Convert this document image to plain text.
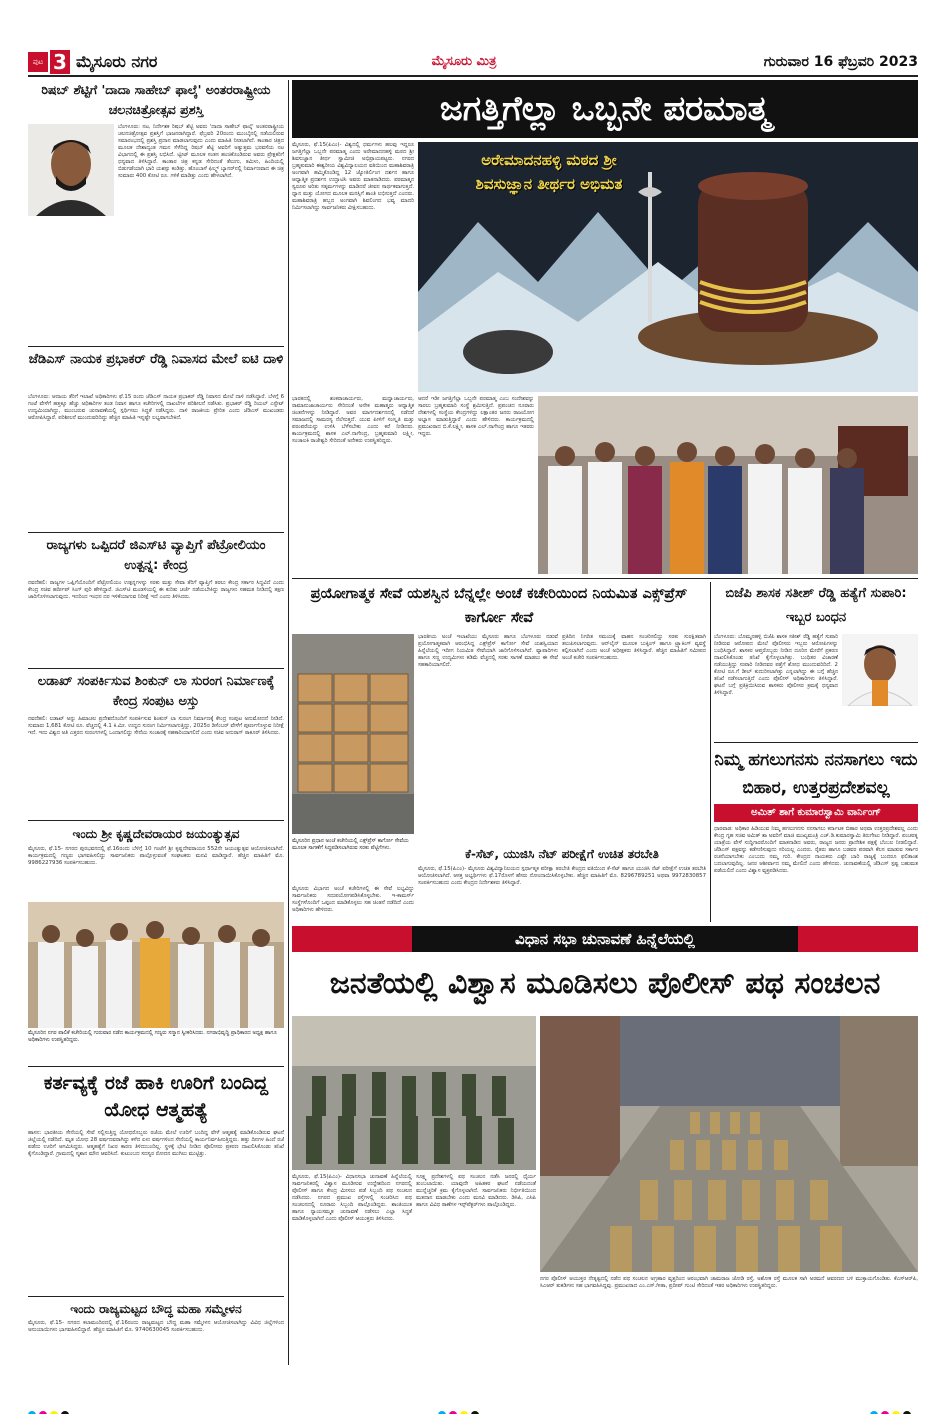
ಪುಟ 3 ಮೈಸೂರು ನಗರ	ಮೈಸೂರು ಮಿತ್ರ	ಗುರುವಾರ 16 ಫೆಬ್ರವರಿ 2023
ರಿಷಬ್ ಶೆಟ್ಟಿಗೆ 'ದಾದಾ ಸಾಹೇಬ್ ಫಾಲ್ಕೆ' ಅಂತರರಾಷ್ಟ್ರೀಯ ಚಲನಚಿತ್ರೋತ್ಸವ ಪ್ರಶಸ್ತಿ
ಬೆಂಗಳೂರು: ನಟ, ನಿರ್ದೇಶಕ ರಿಷಬ್ ಶೆಟ್ಟಿ ಅವರು 'ದಾದಾ ಸಾಹೇಬ್ ಫಾಲ್ಕೆ' ಅಂತರರಾಷ್ಟ್ರೀಯ ಚಲನಚಿತ್ರೋತ್ಸವ ಪ್ರಶಸ್ತಿಗೆ ಭಾಜನರಾಗಿದ್ದಾರೆ. ಫೆಬ್ರವರಿ 20ರಂದು ಮುಂಬೈನಲ್ಲಿ ನಡೆಯಲಿರುವ ಸಮಾರಂಭದಲ್ಲಿ ಪ್ರಶಸ್ತಿ ಪ್ರದಾನ ಮಾಡಲಾಗುವುದು ಎಂದು ಮಾಹಿತಿ ನೀಡಲಾಗಿದೆ. ಕಾಂತಾರ ಚಿತ್ರದ ಮೂಲಕ ದೇಶಾದ್ಯಂತ ಗಮನ ಸೆಳೆದಿದ್ದ ರಿಷಬ್ ಶೆಟ್ಟಿ ಅವರಿಗೆ ಅತ್ಯುತ್ತಮ ಭರವಸೆಯ ನಟ ವಿಭಾಗದಲ್ಲಿ ಈ ಪ್ರಶಸ್ತಿ ಲಭಿಸಿದೆ. ಟ್ವೀಟ್ ಮೂಲಕ ಸಂತಸ ಹಂಚಿಕೊಂಡಿರುವ ಅವರು ಪ್ರೇಕ್ಷಕರಿಗೆ ಧನ್ಯವಾದ ತಿಳಿಸಿದ್ದಾರೆ. ಕಾಂತಾರ ಚಿತ್ರ ಕನ್ನಡ ಸೇರಿದಂತೆ ತೆಲುಗು, ತಮಿಳು, ಹಿಂದಿಯಲ್ಲಿ ಬಿಡುಗಡೆಯಾಗಿ ಭಾರಿ ಯಶಸ್ಸು ಕಂಡಿತ್ತು. ಹೊಂಬಾಳೆ ಫಿಲ್ಮ್ಸ್ ಬ್ಯಾನರ್‌ನಲ್ಲಿ ನಿರ್ಮಾಣವಾದ ಈ ಚಿತ್ರ ಸುಮಾರು 400 ಕೋಟಿ ರೂ. ಗಳಿಕೆ ಮಾಡಿತ್ತು ಎಂದು ಹೇಳಲಾಗಿದೆ.
ಜೆಡಿಎಸ್ ನಾಯಕ ಪ್ರಭಾಕರ್ ರೆಡ್ಡಿ ನಿವಾಸದ ಮೇಲೆ ಐಟಿ ದಾಳಿ
ಬೆಂಗಳೂರು: ಆದಾಯ ತೆರಿಗೆ ಇಲಾಖೆ ಅಧಿಕಾರಿಗಳು ಫೆ.15 ರಂದು ಜೆಡಿಎಸ್ ನಾಯಕ ಪ್ರಭಾಕರ್ ರೆಡ್ಡಿ ನಿವಾಸದ ಮೇಲೆ ದಾಳಿ ನಡೆಸಿದ್ದಾರೆ. ಬೆಳಗ್ಗೆ 6 ಗಂಟೆ ವೇಳೆಗೆ ಹತ್ತಕ್ಕೂ ಹೆಚ್ಚು ಅಧಿಕಾರಿಗಳ ತಂಡ ನಿವಾಸ ಹಾಗೂ ಕಚೇರಿಗಳಲ್ಲಿ ದಾಖಲೆಗಳ ಪರಿಶೀಲನೆ ನಡೆಸಿತು. ಪ್ರಭಾಕರ್ ರೆಡ್ಡಿ ರಿಯಲ್ ಎಸ್ಟೇಟ್ ಉದ್ಯಮಿಯಾಗಿದ್ದು, ಮುಂಬರುವ ಚುನಾವಣೆಯಲ್ಲಿ ಸ್ಪರ್ಧಿಸಲು ಸಿದ್ಧತೆ ನಡೆಸಿದ್ದರು. ದಾಳಿ ರಾಜಕೀಯ ಪ್ರೇರಿತ ಎಂದು ಜೆಡಿಎಸ್ ಮುಖಂಡರು ಆರೋಪಿಸಿದ್ದಾರೆ. ಪರಿಶೀಲನೆ ಮುಂದುವರಿದಿದ್ದು ಹೆಚ್ಚಿನ ಮಾಹಿತಿ ಇನ್ನಷ್ಟೇ ಲಭ್ಯವಾಗಬೇಕಿದೆ.
ರಾಜ್ಯಗಳು ಒಪ್ಪಿದರೆ ಜಿಎಸ್‌ಟಿ ವ್ಯಾಪ್ತಿಗೆ ಪೆಟ್ರೋಲಿಯಂ ಉತ್ಪನ್ನ: ಕೇಂದ್ರ
ನವದೆಹಲಿ: ರಾಜ್ಯಗಳ ಒಪ್ಪಿಗೆಯೊಂದಿಗೆ ಪೆಟ್ರೋಲಿಯಂ ಉತ್ಪನ್ನಗಳನ್ನು ಸರಕು ಮತ್ತು ಸೇವಾ ತೆರಿಗೆ ವ್ಯಾಪ್ತಿಗೆ ತರಲು ಕೇಂದ್ರ ಸರ್ಕಾರ ಸಿದ್ಧವಿದೆ ಎಂದು ಕೇಂದ್ರ ಸಚಿವ ಹರ್ದೀಪ್ ಸಿಂಗ್ ಪುರಿ ಹೇಳಿದ್ದಾರೆ. ಜಿಎಸ್‌ಟಿ ಮಂಡಳಿಯಲ್ಲಿ ಈ ಕುರಿತು ಚರ್ಚೆ ನಡೆಯಬೇಕಿದ್ದು ರಾಜ್ಯಗಳು ಸಹಮತ ನೀಡಿದಲ್ಲಿ ತಕ್ಷಣ ಜಾರಿಗೊಳಿಸಲಾಗುವುದು. ಇದರಿಂದ ಇಂಧನ ದರ ಇಳಿಕೆಯಾಗುವ ನಿರೀಕ್ಷೆ ಇದೆ ಎಂದು ತಿಳಿಸಿದರು.
ಲಡಾಖ್ ಸಂಪರ್ಕಿಸುವ ಶಿಂಕುನ್ ಲಾ ಸುರಂಗ ನಿರ್ಮಾಣಕ್ಕೆ ಕೇಂದ್ರ ಸಂಪುಟ ಅಸ್ತು
ನವದೆಹಲಿ: ಲಡಾಖ್ ಅನ್ನು ಹಿಮಾಚಲ ಪ್ರದೇಶದೊಂದಿಗೆ ಸಂಪರ್ಕಿಸುವ ಶಿಂಕುನ್ ಲಾ ಸುರಂಗ ನಿರ್ಮಾಣಕ್ಕೆ ಕೇಂದ್ರ ಸಂಪುಟ ಅನುಮೋದನೆ ನೀಡಿದೆ. ಸುಮಾರು 1,681 ಕೋಟಿ ರೂ. ವೆಚ್ಚದಲ್ಲಿ 4.1 ಕಿ.ಮೀ. ಉದ್ದದ ಸುರಂಗ ನಿರ್ಮಿಸಲಾಗುತ್ತಿದ್ದು, 2025ರ ಡಿಸೆಂಬರ್ ವೇಳೆಗೆ ಪೂರ್ಣಗೊಳ್ಳುವ ನಿರೀಕ್ಷೆ ಇದೆ. ಇದು ವಿಶ್ವದ ಅತಿ ಎತ್ತರದ ಸುರಂಗಗಳಲ್ಲಿ ಒಂದಾಗಲಿದ್ದು ಸೇನೆಯ ಸಂಚಾರಕ್ಕೆ ಸಹಕಾರಿಯಾಗಲಿದೆ ಎಂದು ಸಚಿವ ಅನುರಾಗ್ ಠಾಕೂರ್ ತಿಳಿಸಿದರು.
ಇಂದು ಶ್ರೀ ಕೃಷ್ಣದೇವರಾಯರ ಜಯಂತ್ಯುತ್ಸವ
ಮೈಸೂರು, ಫೆ.15- ನಗರದ ಪುರಭವನದಲ್ಲಿ ಫೆ.16ರಂದು ಬೆಳಿಗ್ಗೆ 10 ಗಂಟೆಗೆ ಶ್ರೀ ಕೃಷ್ಣದೇವರಾಯರ 552ನೇ ಜಯಂತ್ಯುತ್ಸವ ಆಯೋಜಿಸಲಾಗಿದೆ. ಕಾರ್ಯಕ್ರಮದಲ್ಲಿ ಗಣ್ಯರು ಭಾಗವಹಿಸಲಿದ್ದು ಸಾರ್ವಜನಿಕರು ಪಾಲ್ಗೊಳ್ಳುವಂತೆ ಸಂಘಟಕರು ಮನವಿ ಮಾಡಿದ್ದಾರೆ. ಹೆಚ್ಚಿನ ಮಾಹಿತಿಗೆ ಮೊ. 9986227936 ಸಂಪರ್ಕಿಸಬಹುದು.
ಮೈಸೂರಿನ ನಗರ ಪಾಲಿಕೆ ಕಚೇರಿಯಲ್ಲಿ ಗುರುವಾರ ನಡೆದ ಕಾರ್ಯಕ್ರಮದಲ್ಲಿ ಗಣ್ಯರು ಸನ್ಮಾನ ಸ್ವೀಕರಿಸಿದರು. ನಗರಾಭಿವೃದ್ಧಿ ಪ್ರಾಧಿಕಾರದ ಅಧ್ಯಕ್ಷ ಹಾಗೂ ಅಧಿಕಾರಿಗಳು ಉಪಸ್ಥಿತರಿದ್ದರು.
ಕರ್ತವ್ಯಕ್ಕೆ ರಜೆ ಹಾಕಿ ಊರಿಗೆ ಬಂದಿದ್ದ ಯೋಧ ಆತ್ಮಹತ್ಯೆ
ಹಾಸನ: ಭಾರತೀಯ ಸೇನೆಯಲ್ಲಿ ಸೇವೆ ಸಲ್ಲಿಸುತ್ತಿದ್ದ ಯೋಧರೊಬ್ಬರು ರಜೆಯ ಮೇಲೆ ಊರಿಗೆ ಬಂದಿದ್ದ ವೇಳೆ ಆತ್ಮಹತ್ಯೆ ಮಾಡಿಕೊಂಡಿರುವ ಘಟನೆ ಜಿಲ್ಲೆಯಲ್ಲಿ ನಡೆದಿದೆ. ಮೃತ ಯೋಧ 28 ವರ್ಷದವರಾಗಿದ್ದು ಕಳೆದ ಏಳು ವರ್ಷಗಳಿಂದ ಸೇನೆಯಲ್ಲಿ ಕಾರ್ಯನಿರ್ವಹಿಸುತ್ತಿದ್ದರು. ಹತ್ತು ದಿನಗಳ ಹಿಂದೆ ರಜೆ ಪಡೆದು ಊರಿಗೆ ಆಗಮಿಸಿದ್ದರು. ಆತ್ಮಹತ್ಯೆಗೆ ನಿಖರ ಕಾರಣ ತಿಳಿದುಬಂದಿಲ್ಲ. ಸ್ಥಳಕ್ಕೆ ಭೇಟಿ ನೀಡಿದ ಪೊಲೀಸರು ಪ್ರಕರಣ ದಾಖಲಿಸಿಕೊಂಡು ತನಿಖೆ ಕೈಗೊಂಡಿದ್ದಾರೆ. ಗ್ರಾಮದಲ್ಲಿ ಸ್ಮಶಾನ ಮೌನ ಆವರಿಸಿದೆ. ಕುಟುಂಬದ ಸದಸ್ಯರ ರೋದನ ಮುಗಿಲು ಮುಟ್ಟಿತ್ತು.
ಇಂದು ರಾಜ್ಯಮಟ್ಟದ ಬೌದ್ಧ ಮಹಾ ಸಮ್ಮೇಳನ
ಮೈಸೂರು, ಫೆ.15- ನಗರದ ಕಲಾಮಂದಿರದಲ್ಲಿ ಫೆ.16ರಂದು ರಾಜ್ಯಮಟ್ಟದ ಬೌದ್ಧ ಮಹಾ ಸಮ್ಮೇಳನ ಆಯೋಜಿಸಲಾಗಿದ್ದು ವಿವಿಧ ಜಿಲ್ಲೆಗಳಿಂದ ಅನುಯಾಯಿಗಳು ಭಾಗವಹಿಸಲಿದ್ದಾರೆ. ಹೆಚ್ಚಿನ ಮಾಹಿತಿಗೆ ಮೊ. 9740630045 ಸಂಪರ್ಕಿಸಬಹುದು.
ಜಗತ್ತಿಗೆಲ್ಲಾ ಒಬ್ಬನೇ ಪರಮಾತ್ಮ
ಮೈಸೂರು, ಫೆ.15(ಪಿಎಂ)- ವಿಶ್ವದಲ್ಲಿ ಧರ್ಮಗಳು ಹಲವು ಇದ್ದರೂ ಜಗತ್ತಿಗೆಲ್ಲಾ ಒಬ್ಬನೇ ಪರಮಾತ್ಮ ಎಂದು ಅರೇಮಾದನಹಳ್ಳಿ ಮಠದ ಶ್ರೀ ಶಿವಸುಜ್ಞಾನ ತೀರ್ಥ ಸ್ವಾಮೀಜಿ ಅಭಿಪ್ರಾಯಪಟ್ಟರು. ನಗರದ ಬ್ರಹ್ಮಕುಮಾರಿ ಈಶ್ವರೀಯ ವಿಶ್ವವಿದ್ಯಾಲಯದ ವತಿಯಿಂದ ಮಹಾಶಿವರಾತ್ರಿ ಅಂಗವಾಗಿ ಹಮ್ಮಿಕೊಂಡಿದ್ದ 12 ಜ್ಯೋತಿರ್ಲಿಂಗ ದರ್ಶನ ಹಾಗೂ ಆಧ್ಯಾತ್ಮಿಕ ಪ್ರದರ್ಶನ ಉದ್ಘಾಟಿಸಿ ಅವರು ಮಾತನಾಡಿದರು. ಪರಮಾತ್ಮನ ಸ್ವರೂಪ ಅರಿತು ಸತ್ಕರ್ಮಗಳನ್ನು ಮಾಡಿದರೆ ಜೀವನ ಸಾರ್ಥಕವಾಗುತ್ತದೆ. ಧ್ಯಾನ ಮತ್ತು ಯೋಗದ ಮೂಲಕ ಮನಸ್ಸಿಗೆ ಶಾಂತಿ ಲಭಿಸುತ್ತದೆ ಎಂದರು. ಮಹಾಶಿವರಾತ್ರಿ ಹಬ್ಬದ ಅಂಗವಾಗಿ ಶಿವಲಿಂಗದ ಭವ್ಯ ಮಾದರಿ ನಿರ್ಮಿಸಲಾಗಿದ್ದು ಸಾರ್ವಜನಿಕರು ವೀಕ್ಷಿಸಬಹುದು.
ಅರೇಮಾದನಹಳ್ಳಿ ಮಠದ ಶ್ರೀ
ಶಿವಸುಜ್ಞಾನ ತೀರ್ಥರ ಅಭಿಮತ
ಭಾರತದಲ್ಲಿ ಶಂಕರಾಚಾರ್ಯರು, ಮಧ್ವಾಚಾರ್ಯರು, ರಾಮಾನುಜಾಚಾರ್ಯರು ಸೇರಿದಂತೆ ಅನೇಕ ಮಹಾತ್ಮರು ಆಧ್ಯಾತ್ಮಿಕ ಚಿಂತನೆಗಳನ್ನು ನೀಡಿದ್ದಾರೆ. ಅವರ ಮಾರ್ಗದರ್ಶನದಲ್ಲಿ ನಡೆದರೆ ಸಮಾಜದಲ್ಲಿ ಸಾಮರಸ್ಯ ನೆಲೆಸುತ್ತದೆ. ಯುವ ಪೀಳಿಗೆ ಸಂಸ್ಕೃತಿ ಮತ್ತು ಪರಂಪರೆಯನ್ನು ಉಳಿಸಿ ಬೆಳೆಸಬೇಕು ಎಂದು ಕರೆ ನೀಡಿದರು. ಕಾರ್ಯಕ್ರಮದಲ್ಲಿ ಶಾಸಕ ಎಲ್.ನಾಗೇಂದ್ರ, ಬ್ರಹ್ಮಕುಮಾರಿ ಲಕ್ಷ್ಮೀ, ಸಂಚಾಲಕಿ ರಾಜೇಶ್ವರಿ ಸೇರಿದಂತೆ ಅನೇಕರು ಉಪಸ್ಥಿತರಿದ್ದರು.
ಆದರೆ ಇಡೀ ಜಗತ್ತಿಗೆಲ್ಲಾ ಒಬ್ಬನೇ ಪರಮಾತ್ಮ ಎಂಬ ಸಂದೇಶವನ್ನು ಸಾರಲು ಬ್ರಹ್ಮಕುಮಾರಿ ಸಂಸ್ಥೆ ಶ್ರಮಿಸುತ್ತಿದೆ. ಪ್ರಪಂಚದ ನೂರಾರು ದೇಶಗಳಲ್ಲಿ ಸಂಸ್ಥೆಯ ಕೇಂದ್ರಗಳಿದ್ದು ಲಕ್ಷಾಂತರ ಜನರು ರಾಜಯೋಗ ಅಭ್ಯಾಸ ಮಾಡುತ್ತಿದ್ದಾರೆ ಎಂದು ಹೇಳಿದರು. ಕಾರ್ಯಕ್ರಮದಲ್ಲಿ ಪ್ರಮುಖರಾದ ಬಿ.ಕೆ.ಲಕ್ಷ್ಮೀ, ಶಾಸಕ ಎಲ್.ನಾಗೇಂದ್ರ ಹಾಗೂ ಇತರರು ಇದ್ದರು.
ಪ್ರಯೋಗಾತ್ಮಕ ಸೇವೆ ಯಶಸ್ವಿನ ಬೆನ್ನಲ್ಲೇ ಅಂಚೆ ಕಚೇರಿಯಿಂದ ನಿಯಮಿತ ಎಕ್ಸ್‌ಪ್ರೆಸ್ ಕಾರ್ಗೋ ಸೇವೆ
ಮೈಸೂರಿನ ಪ್ರಧಾನ ಅಂಚೆ ಕಚೇರಿಯಲ್ಲಿ ಎಕ್ಸ್‌ಪ್ರೆಸ್ ಕಾರ್ಗೋ ಸೇವೆಯ ಮೂಲಕ ಸಾಗಣೆಗೆ ಸಿದ್ಧಪಡಿಸಲಾಗಿರುವ ಸರಕು ಪೆಟ್ಟಿಗೆಗಳು.
ಭಾರತೀಯ ಅಂಚೆ ಇಲಾಖೆಯು ಮೈಸೂರು ಹಾಗೂ ಬೆಂಗಳೂರು ನಡುವೆ ಪ್ರಯೋಗಾತ್ಮಕವಾಗಿ ಆರಂಭಿಸಿದ್ದ ಎಕ್ಸ್‌ಪ್ರೆಸ್ ಕಾರ್ಗೋ ಸೇವೆ ಯಶಸ್ವಿಯಾದ ಹಿನ್ನೆಲೆಯಲ್ಲಿ ಇದೀಗ ನಿಯಮಿತ ಸೇವೆಯಾಗಿ ಜಾರಿಗೊಳಿಸಲಾಗಿದೆ. ವ್ಯಾಪಾರಿಗಳು ಹಾಗೂ ಸಣ್ಣ ಉದ್ಯಮಿಗಳು ಕಡಿಮೆ ವೆಚ್ಚದಲ್ಲಿ ಸರಕು ಸಾಗಣೆ ಮಾಡಲು ಈ ಸೇವೆ ಸಹಕಾರಿಯಾಗಲಿದೆ.
ಪ್ರತಿದಿನ ನಿಗದಿತ ಸಮಯಕ್ಕೆ ವಾಹನ ಸಂಚರಿಸಲಿದ್ದು ಸರಕು ಸುರಕ್ಷಿತವಾಗಿ ತಲುಪಿಸಲಾಗುವುದು. ಆನ್‌ಲೈನ್ ಮೂಲಕ ಬುಕ್ಕಿಂಗ್ ಹಾಗೂ ಟ್ರ್ಯಾಕಿಂಗ್ ವ್ಯವಸ್ಥೆ ಕಲ್ಪಿಸಲಾಗಿದೆ ಎಂದು ಅಂಚೆ ಅಧೀಕ್ಷಕರು ತಿಳಿಸಿದ್ದಾರೆ. ಹೆಚ್ಚಿನ ಮಾಹಿತಿಗೆ ಸಮೀಪದ ಅಂಚೆ ಕಚೇರಿ ಸಂಪರ್ಕಿಸಬಹುದು.
ಮೈಸೂರು ವಿಭಾಗದ ಅಂಚೆ ಕಚೇರಿಗಳಲ್ಲಿ ಈ ಸೇವೆ ಲಭ್ಯವಿದ್ದು ಸಾರ್ವಜನಿಕರು ಸದುಪಯೋಗಪಡಿಸಿಕೊಳ್ಳಬೇಕು. ಇ-ಕಾಮರ್ಸ್ ಸಂಸ್ಥೆಗಳೊಂದಿಗೆ ಒಪ್ಪಂದ ಮಾಡಿಕೊಳ್ಳಲು ಸಹ ಚಿಂತನೆ ನಡೆದಿದೆ ಎಂದು ಅಧಿಕಾರಿಗಳು ಹೇಳಿದರು.
ಕೆ-ಸೆಟ್, ಯುಜಿಸಿ ನೆಟ್ ಪರೀಕ್ಷೆಗೆ ಉಚಿತ ತರಬೇತಿ
ಮೈಸೂರು, ಫೆ.15(ಪಿಎಂ)- ಮೈಸೂರು ವಿಶ್ವವಿದ್ಯಾನಿಲಯದ ಸ್ಪರ್ಧಾತ್ಮಕ ಪರೀಕ್ಷಾ ತರಬೇತಿ ಕೇಂದ್ರದ ವತಿಯಿಂದ ಕೆ-ಸೆಟ್ ಹಾಗೂ ಯುಜಿಸಿ ನೆಟ್ ಪರೀಕ್ಷೆಗೆ ಉಚಿತ ತರಬೇತಿ ಆಯೋಜಿಸಲಾಗಿದೆ. ಆಸಕ್ತ ಅಭ್ಯರ್ಥಿಗಳು ಫೆ.17ರೊಳಗೆ ಹೆಸರು ನೋಂದಾಯಿಸಿಕೊಳ್ಳಬೇಕು. ಹೆಚ್ಚಿನ ಮಾಹಿತಿಗೆ ಮೊ. 8296789251 ಅಥವಾ 9972830857 ಸಂಪರ್ಕಿಸಬಹುದು ಎಂದು ಕೇಂದ್ರದ ನಿರ್ದೇಶಕರು ತಿಳಿಸಿದ್ದಾರೆ.
ಬಿಜೆಪಿ ಶಾಸಕ ಸತೀಶ್ ರೆಡ್ಡಿ ಹತ್ಯೆಗೆ ಸುಪಾರಿ: ಇಬ್ಬರ ಬಂಧನ
ಬೆಂಗಳೂರು: ಬೊಮ್ಮನಹಳ್ಳಿ ಬಿಜೆಪಿ ಶಾಸಕ ಸತೀಶ್ ರೆಡ್ಡಿ ಹತ್ಯೆಗೆ ಸುಪಾರಿ ನೀಡಿರುವ ಆರೋಪದ ಮೇಲೆ ಪೊಲೀಸರು ಇಬ್ಬರು ಆರೋಪಿಗಳನ್ನು ಬಂಧಿಸಿದ್ದಾರೆ. ಶಾಸಕರ ಆಪ್ತರೊಬ್ಬರು ನೀಡಿದ ದೂರಿನ ಮೇರೆಗೆ ಪ್ರಕರಣ ದಾಖಲಿಸಿಕೊಂಡು ತನಿಖೆ ಕೈಗೊಳ್ಳಲಾಗಿತ್ತು. ಬಂಧಿತರ ವಿಚಾರಣೆ ನಡೆಯುತ್ತಿದ್ದು ಸುಪಾರಿ ನೀಡಿದವರ ಪತ್ತೆಗೆ ಶೋಧ ಮುಂದುವರಿದಿದೆ. 2 ಕೋಟಿ ರೂ.ಗೆ ಡೀಲ್ ಕುದುರಿಸಲಾಗಿತ್ತು ಎನ್ನಲಾಗಿದ್ದು ಈ ಬಗ್ಗೆ ಹೆಚ್ಚಿನ ತನಿಖೆ ನಡೆಸಲಾಗುತ್ತಿದೆ ಎಂದು ಪೊಲೀಸ್ ಅಧಿಕಾರಿಗಳು ತಿಳಿಸಿದ್ದಾರೆ. ಘಟನೆ ಬಗ್ಗೆ ಪ್ರತಿಕ್ರಿಯಿಸಿರುವ ಶಾಸಕರು ಪೊಲೀಸರ ಕ್ರಮಕ್ಕೆ ಧನ್ಯವಾದ ತಿಳಿಸಿದ್ದಾರೆ.
ನಿಮ್ಮ ಹಗಲುಗನಸು ನನಸಾಗಲು ಇದು ಬಿಹಾರ, ಉತ್ತರಪ್ರದೇಶವಲ್ಲ
ಅಮಿತ್ ಶಾಗೆ ಕುಮಾರಸ್ವಾಮಿ ವಾರ್ನಿಂಗ್
ಧಾರವಾಡ: ಅಧಿಕಾರ ಹಿಡಿಯುವ ನಿಮ್ಮ ಹಗಲುಗನಸು ನನಸಾಗಲು ಕರ್ನಾಟಕ ಬಿಹಾರ ಅಥವಾ ಉತ್ತರಪ್ರದೇಶವಲ್ಲ ಎಂದು ಕೇಂದ್ರ ಗೃಹ ಸಚಿವ ಅಮಿತ್ ಶಾ ಅವರಿಗೆ ಮಾಜಿ ಮುಖ್ಯಮಂತ್ರಿ ಎಚ್.ಡಿ.ಕುಮಾರಸ್ವಾಮಿ ತಿರುಗೇಟು ನೀಡಿದ್ದಾರೆ. ಪಂಚರತ್ನ ಯಾತ್ರೆಯ ವೇಳೆ ಸುದ್ದಿಗಾರರೊಂದಿಗೆ ಮಾತನಾಡಿದ ಅವರು, ರಾಜ್ಯದ ಜನರು ಪ್ರಾದೇಶಿಕ ಪಕ್ಷಕ್ಕೆ ಬೆಂಬಲ ನೀಡಲಿದ್ದಾರೆ. ಜೆಡಿಎಸ್ ಪಕ್ಷವನ್ನು ಕಡೆಗಣಿಸುವುದು ಸರಿಯಲ್ಲ ಎಂದರು. ರೈತರು ಹಾಗೂ ಬಡವರ ಪರವಾಗಿ ಕೆಲಸ ಮಾಡುವ ಸರ್ಕಾರ ರಚನೆಯಾಗಬೇಕು ಎಂಬುದು ನಮ್ಮ ಗುರಿ. ಕೇಂದ್ರದ ನಾಯಕರು ಎಷ್ಟೇ ಬಾರಿ ರಾಜ್ಯಕ್ಕೆ ಬಂದರೂ ಫಲಿತಾಂಶ ಬದಲಾಗುವುದಿಲ್ಲ. ಜನರ ಆಶೀರ್ವಾದ ನಮ್ಮ ಮೇಲಿದೆ ಎಂದು ಹೇಳಿದರು. ಚುನಾವಣೆಯಲ್ಲಿ ಜೆಡಿಎಸ್ ಸ್ಪಷ್ಟ ಬಹುಮತ ಪಡೆಯಲಿದೆ ಎಂದು ವಿಶ್ವಾಸ ವ್ಯಕ್ತಪಡಿಸಿದರು.
ವಿಧಾನ ಸಭಾ ಚುನಾವಣೆ ಹಿನ್ನೆಲೆಯಲ್ಲಿ
ಜನತೆಯಲ್ಲಿ ವಿಶ್ವಾಸ ಮೂಡಿಸಲು ಪೊಲೀಸ್ ಪಥ ಸಂಚಲನ
ಮೈಸೂರು, ಫೆ.15(ಪಿಎಂ)- ವಿಧಾನಸಭಾ ಚುನಾವಣೆ ಹಿನ್ನೆಲೆಯಲ್ಲಿ ಸಾರ್ವಜನಿಕರಲ್ಲಿ ವಿಶ್ವಾಸ ಮೂಡಿಸುವ ಉದ್ದೇಶದಿಂದ ನಗರದಲ್ಲಿ ಪೊಲೀಸ್ ಹಾಗೂ ಕೇಂದ್ರ ಮೀಸಲು ಪಡೆ ಸಿಬ್ಬಂದಿ ಪಥ ಸಂಚಲನ ನಡೆಸಿದರು. ನಗರದ ಪ್ರಮುಖ ರಸ್ತೆಗಳಲ್ಲಿ ಸಂಚರಿಸಿದ ಪಥ ಸಂಚಲನದಲ್ಲಿ ನೂರಾರು ಸಿಬ್ಬಂದಿ ಪಾಲ್ಗೊಂಡಿದ್ದರು. ಶಾಂತಿಯುತ ಹಾಗೂ ನ್ಯಾಯಸಮ್ಮತ ಚುನಾವಣೆ ನಡೆಸಲು ಎಲ್ಲಾ ಸಿದ್ಧತೆ ಮಾಡಿಕೊಳ್ಳಲಾಗಿದೆ ಎಂದು ಪೊಲೀಸ್ ಆಯುಕ್ತರು ತಿಳಿಸಿದರು.
ಸೂಕ್ಷ್ಮ ಪ್ರದೇಶಗಳಲ್ಲಿ ಪಥ ಸಂಚಲನ ನಡೆಸಿ ಜನರಲ್ಲಿ ಧೈರ್ಯ ತುಂಬಲಾಯಿತು. ಯಾವುದೇ ಅಹಿತಕರ ಘಟನೆ ನಡೆಯದಂತೆ ಮುನ್ನೆಚ್ಚರಿಕೆ ಕ್ರಮ ಕೈಗೊಳ್ಳಲಾಗಿದೆ. ಸಾರ್ವಜನಿಕರು ನಿರ್ಭೀತಿಯಿಂದ ಮತದಾನ ಮಾಡಬೇಕು ಎಂದು ಮನವಿ ಮಾಡಿದರು. ಡಿಸಿಪಿ, ಎಸಿಪಿ ಹಾಗೂ ವಿವಿಧ ಠಾಣೆಗಳ ಇನ್ಸ್‌ಪೆಕ್ಟರ್‌ಗಳು ಪಾಲ್ಗೊಂಡಿದ್ದರು.
ನಗರ ಪೊಲೀಸ್ ಆಯುಕ್ತರ ನೇತೃತ್ವದಲ್ಲಿ ನಡೆದ ಪಥ ಸಂಚಲನ ಅಗ್ರಹಾರ ವೃತ್ತದಿಂದ ಆರಂಭವಾಗಿ ಚಾಮರಾಜ ಜೋಡಿ ರಸ್ತೆ, ಅಶೋಕ ರಸ್ತೆ ಮೂಲಕ ಸಾಗಿ ಅರಮನೆ ಆವರಣದ ಬಳಿ ಮುಕ್ತಾಯಗೊಂಡಿತು. ಕೆಎಸ್‌ಆರ್‌ಪಿ, ಸಿಎಆರ್ ತುಕಡಿಗಳು ಸಹ ಭಾಗವಹಿಸಿದ್ದವು. ಪ್ರಮುಖರಾದ ಎಂ.ಎಸ್.ಗೀತಾ, ಪ್ರದೀಪ್ ಗುಂಟಿ ಸೇರಿದಂತೆ ಇತರ ಅಧಿಕಾರಿಗಳು ಉಪಸ್ಥಿತರಿದ್ದರು.
